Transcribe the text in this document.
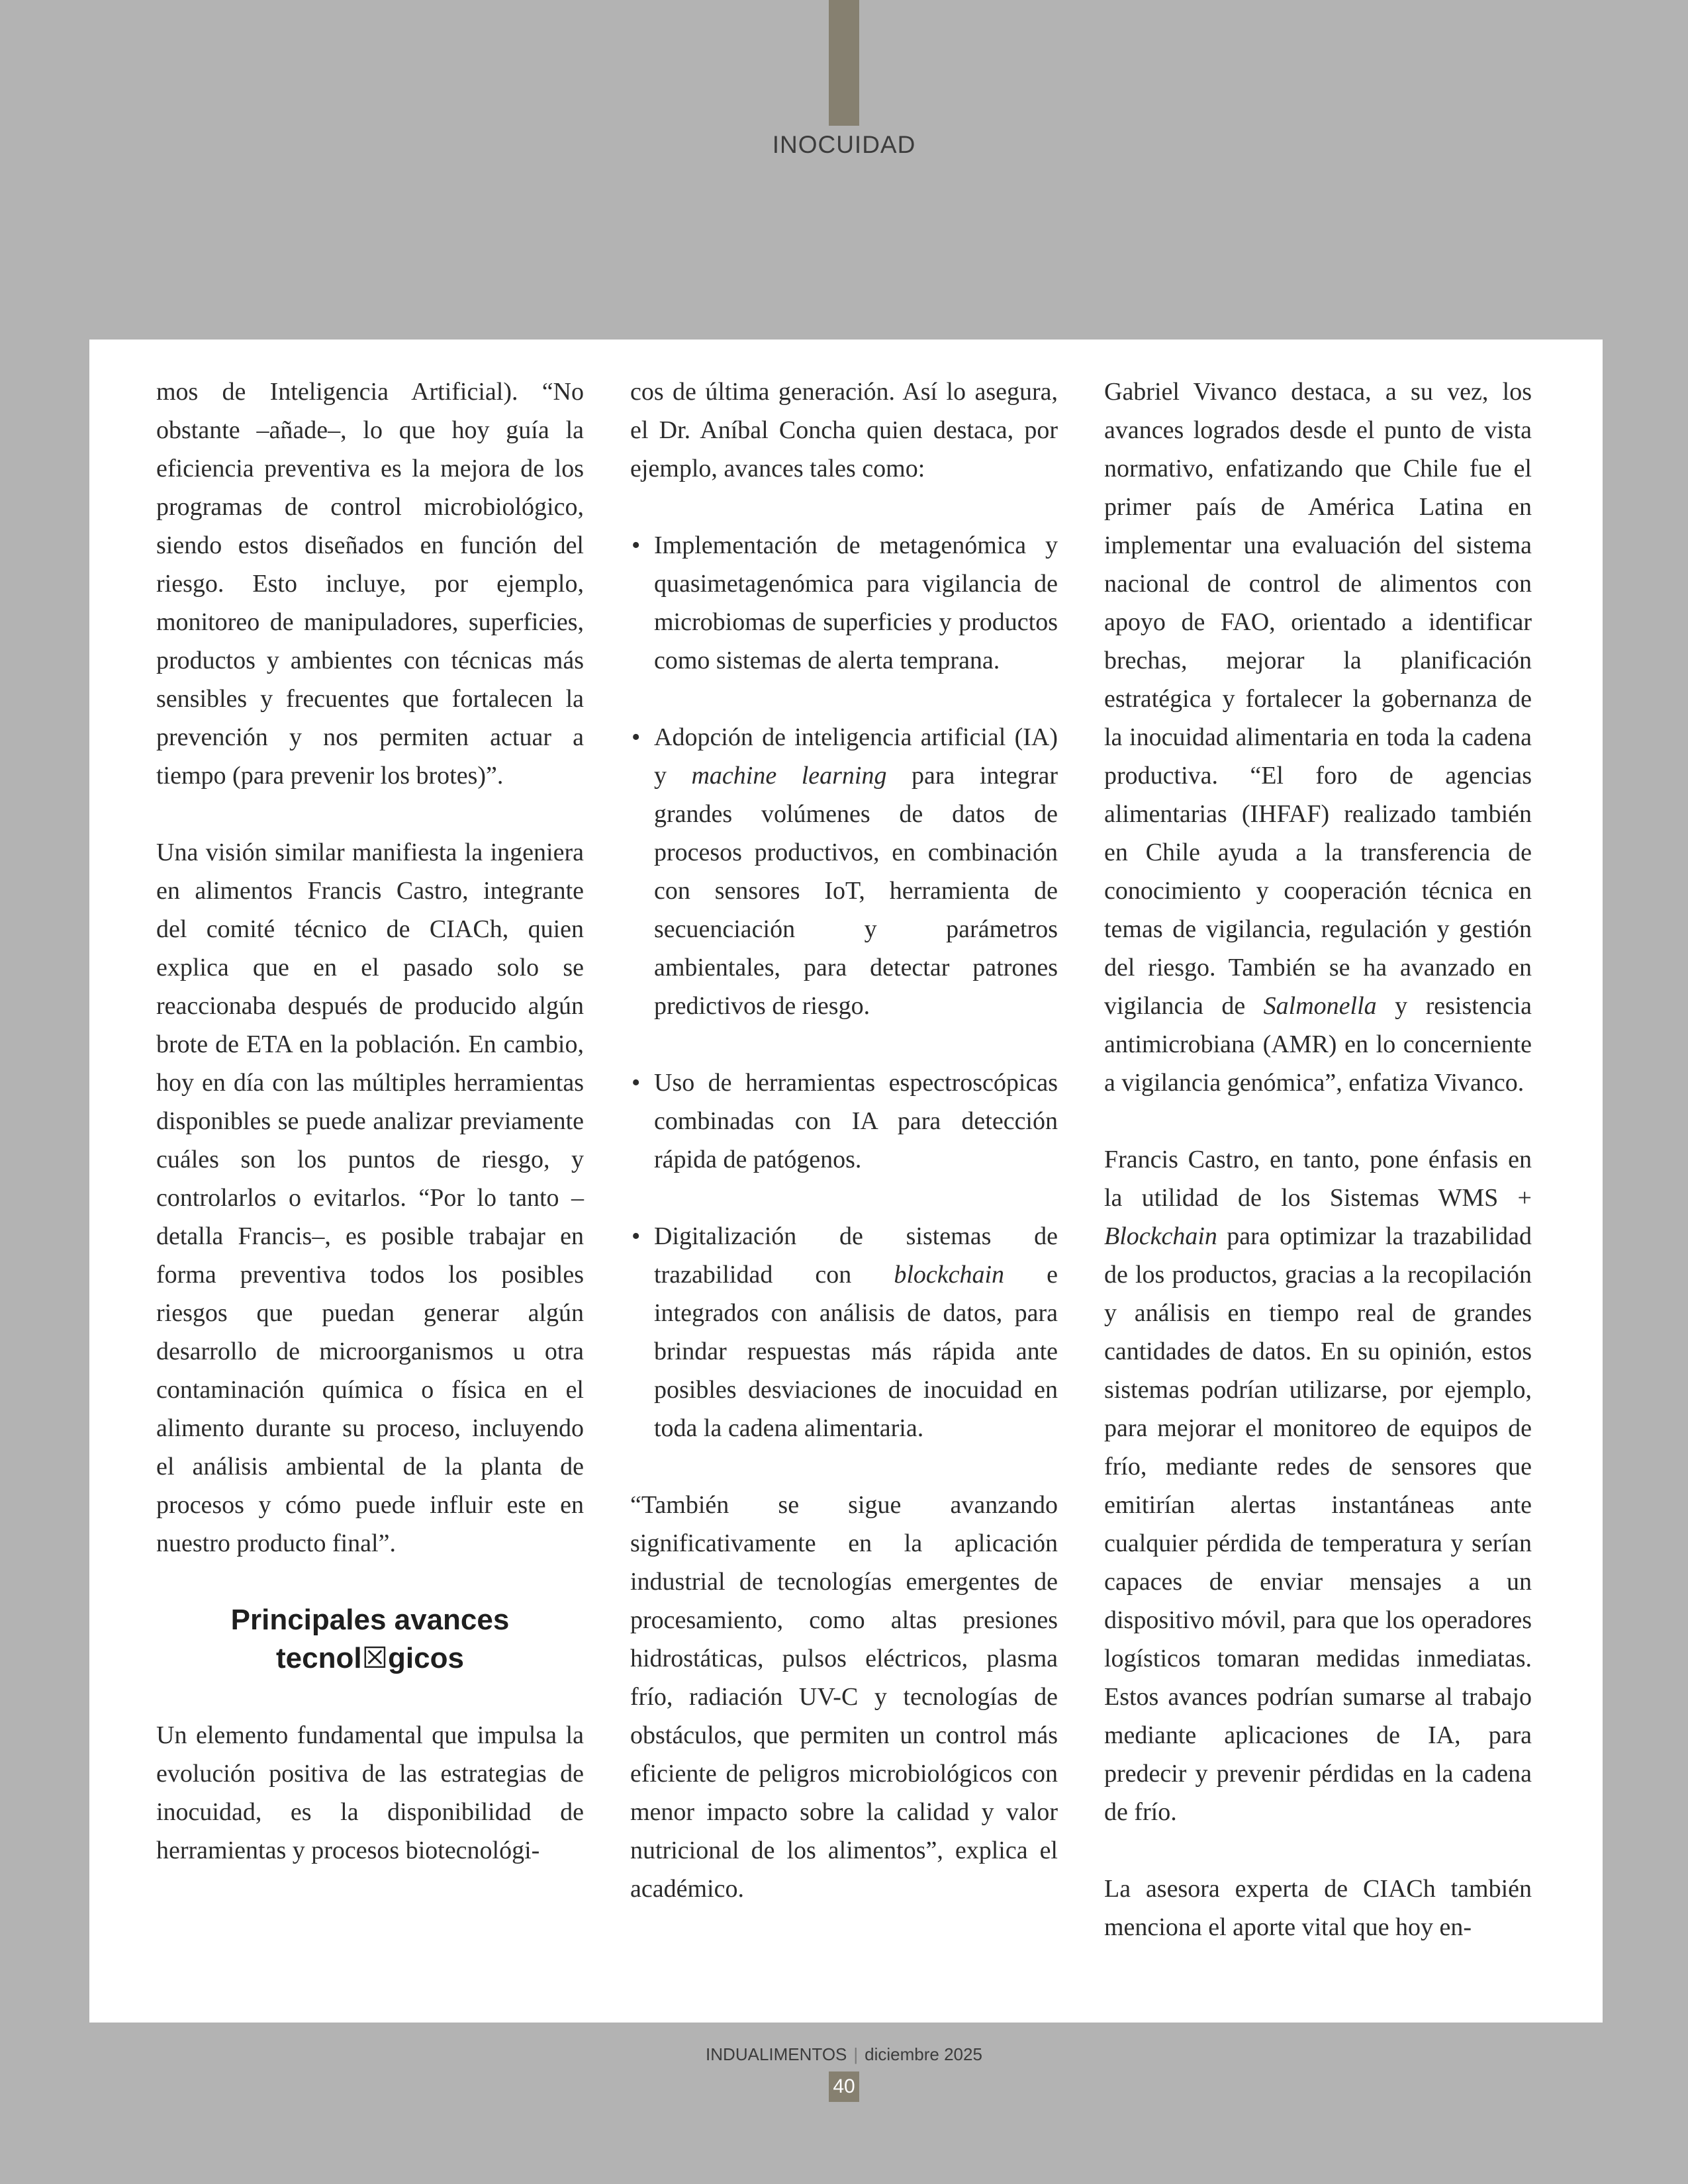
INOCUIDAD

mos de Inteligencia Artificial). “No obstante –añade–, lo que hoy guía la eficiencia preventiva es la mejora de los programas de control microbiológico, siendo estos diseñados en función del riesgo. Esto incluye, por ejemplo, monitoreo de manipuladores, superficies, productos y ambientes con técnicas más sensibles y frecuentes que fortalecen la prevención y nos permiten actuar a tiempo (para prevenir los brotes)”.

Una visión similar manifiesta la ingeniera en alimentos Francis Castro, integrante del comité técnico de CIACh, quien explica que en el pasado solo se reaccionaba después de producido algún brote de ETA en la población. En cambio, hoy en día con las múltiples herramientas disponibles se puede analizar previamente cuáles son los puntos de riesgo, y controlarlos o evitarlos. “Por lo tanto –detalla Francis–, es posible trabajar en forma preventiva todos los posibles riesgos que puedan generar algún desarrollo de microorganismos u otra contaminación química o física en el alimento durante su proceso, incluyendo el análisis ambiental de la planta de procesos y cómo puede influir este en nuestro producto final”.

Principales avances
tecnol☒gicos

Un elemento fundamental que impulsa la evolución positiva de las estrategias de inocuidad, es la disponibilidad de herramientas y procesos biotecnológi-

cos de última generación. Así lo asegura, el Dr. Aníbal Concha quien destaca, por ejemplo, avances tales como:

• Implementación de metagenómica y quasimetagenómica para vigilancia de microbiomas de superficies y productos como sistemas de alerta temprana.
• Adopción de inteligencia artificial (IA) y machine learning para integrar grandes volúmenes de datos de procesos productivos, en combinación con sensores IoT, herramienta de secuenciación y parámetros ambientales, para detectar patrones predictivos de riesgo.
• Uso de herramientas espectroscópicas combinadas con IA para detección rápida de patógenos.
• Digitalización de sistemas de trazabilidad con blockchain e integrados con análisis de datos, para brindar respuestas más rápida ante posibles desviaciones de inocuidad en toda la cadena alimentaria.

“También se sigue avanzando significativamente en la aplicación industrial de tecnologías emergentes de procesamiento, como altas presiones hidrostáticas, pulsos eléctricos, plasma frío, radiación UV-C y tecnologías de obstáculos, que permiten un control más eficiente de peligros microbiológicos con menor impacto sobre la calidad y valor nutricional de los alimentos”, explica el académico.

Gabriel Vivanco destaca, a su vez, los avances logrados desde el punto de vista normativo, enfatizando que Chile fue el primer país de América Latina en implementar una evaluación del sistema nacional de control de alimentos con apoyo de FAO, orientado a identificar brechas, mejorar la planificación estratégica y fortalecer la gobernanza de la inocuidad alimentaria en toda la cadena productiva. “El foro de agencias alimentarias (IHFAF) realizado también en Chile ayuda a la transferencia de conocimiento y cooperación técnica en temas de vigilancia, regulación y gestión del riesgo. También se ha avanzado en vigilancia de Salmonella y resistencia antimicrobiana (AMR) en lo concerniente a vigilancia genómica”, enfatiza Vivanco.

Francis Castro, en tanto, pone énfasis en la utilidad de los Sistemas WMS + Blockchain para optimizar la trazabilidad de los productos, gracias a la recopilación y análisis en tiempo real de grandes cantidades de datos. En su opinión, estos sistemas podrían utilizarse, por ejemplo, para mejorar el monitoreo de equipos de frío, mediante redes de sensores que emitirían alertas instantáneas ante cualquier pérdida de temperatura y serían capaces de enviar mensajes a un dispositivo móvil, para que los operadores logísticos tomaran medidas inmediatas. Estos avances podrían sumarse al trabajo mediante aplicaciones de IA, para predecir y prevenir pérdidas en la cadena de frío.

La asesora experta de CIACh también menciona el aporte vital que hoy en-

INDUALIMENTOS | diciembre 2025
40
